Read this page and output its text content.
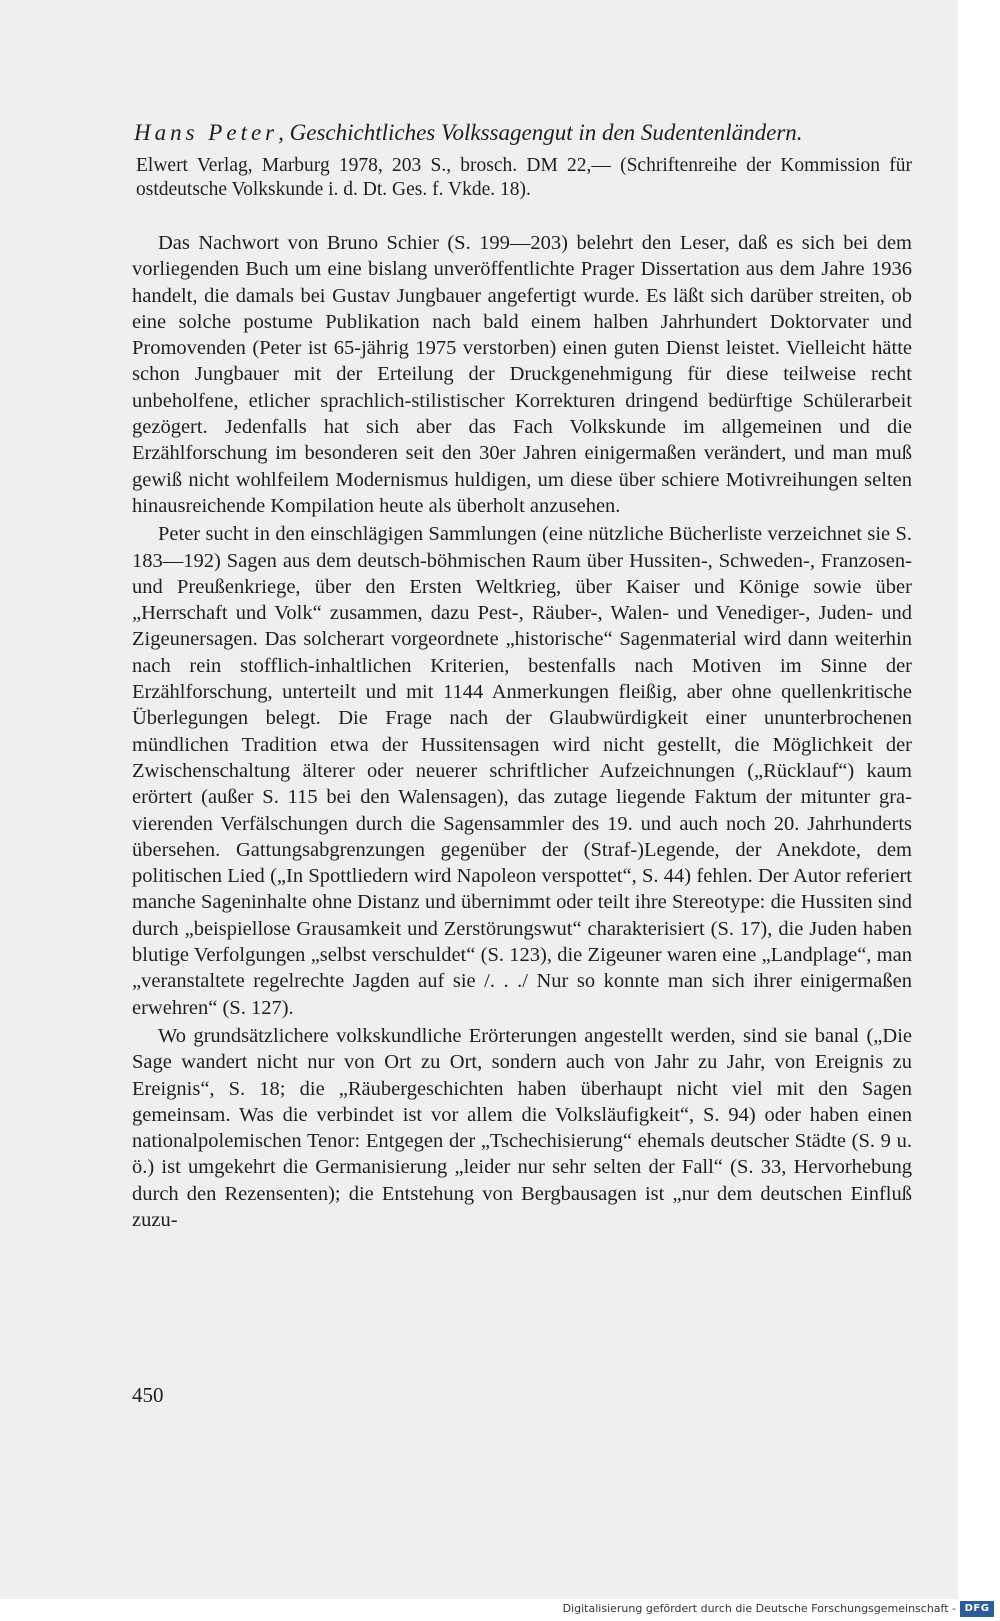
Hans Peter, Geschichtliches Volkssagengut in den Sudentenländern.

Elwert Verlag, Marburg 1978, 203 S., brosch. DM 22,— (Schriftenreihe der Kommission für ostdeutsche Volkskunde i. d. Dt. Ges. f. Vkde. 18).

Das Nachwort von Bruno Schier (S. 199—203) belehrt den Leser, daß es sich bei dem vorliegenden Buch um eine bislang unveröffentlichte Prager Dissertation aus dem Jahre 1936 handelt, die damals bei Gustav Jungbauer angefertigt wurde. Es läßt sich darüber streiten, ob eine solche postume Publikation nach bald einem halben Jahrhundert Doktorvater und Promovenden (Peter ist 65-jährig 1975 verstorben) einen guten Dienst leistet. Vielleicht hätte schon Jungbauer mit der Erteilung der Druckgenehmigung für diese teilweise recht unbeholfene, etlicher sprachlich-stilistischer Korrekturen dringend bedürftige Schülerarbeit gezögert. Jedenfalls hat sich aber das Fach Volkskunde im allgemeinen und die Erzählforschung im besonderen seit den 30er Jahren einigermaßen verändert, und man muß gewiß nicht wohlfeilem Modernismus huldigen, um diese über schiere Motivreihungen selten hinausreichende Kompilation heute als überholt anzusehen.

Peter sucht in den einschlägigen Sammlungen (eine nützliche Bücherliste verzeichnet sie S. 183—192) Sagen aus dem deutsch-böhmischen Raum über Hussiten-, Schweden-, Franzosen- und Preußenkriege, über den Ersten Weltkrieg, über Kaiser und Könige sowie über „Herrschaft und Volk“ zusammen, dazu Pest-, Räuber-, Walen- und Venediger-, Juden- und Zigeunersagen. Das solcherart vorgeordnete „historische“ Sagenmaterial wird dann weiterhin nach rein stofflich-inhaltlichen Kriterien, bestenfalls nach Motiven im Sinne der Erzählforschung, unterteilt und mit 1144 Anmerkungen fleißig, aber ohne quellenkritische Überlegungen belegt. Die Frage nach der Glaubwürdigkeit einer ununterbrochenen mündlichen Tradition etwa der Hussitensagen wird nicht gestellt, die Möglichkeit der Zwischenschaltung älterer oder neuerer schriftlicher Aufzeichnungen („Rücklauf“) kaum erörtert (außer S. 115 bei den Walensagen), das zutage liegende Faktum der mitunter gravierenden Verfälschungen durch die Sagensammler des 19. und auch noch 20. Jahrhunderts übersehen. Gattungsabgrenzungen gegenüber der (Straf-)Legende, der Anekdote, dem politischen Lied („In Spottliedern wird Napoleon verspottet“, S. 44) fehlen. Der Autor referiert manche Sageninhalte ohne Distanz und übernimmt oder teilt ihre Stereotype: die Hussiten sind durch „beispiellose Grausamkeit und Zerstörungswut“ charakterisiert (S. 17), die Juden haben blutige Verfolgungen „selbst verschuldet“ (S. 123), die Zigeuner waren eine „Landplage“, man „veranstaltete regelrechte Jagden auf sie /. . ./ Nur so konnte man sich ihrer einigermaßen erwehren“ (S. 127).

Wo grundsätzlichere volkskundliche Erörterungen angestellt werden, sind sie banal („Die Sage wandert nicht nur von Ort zu Ort, sondern auch von Jahr zu Jahr, von Ereignis zu Ereignis“, S. 18; die „Räubergeschichten haben überhaupt nicht viel mit den Sagen gemeinsam. Was die verbindet ist vor allem die Volksläufigkeit“, S. 94) oder haben einen nationalpolemischen Tenor: Entgegen der „Tschechisierung“ ehemals deutscher Städte (S. 9 u. ö.) ist umgekehrt die Germanisierung „leider nur sehr selten der Fall“ (S. 33, Hervorhebung durch den Rezensenten); die Entstehung von Bergbausagen ist „nur dem deutschen Einfluß zuzu-

450
Digitalisierung gefördert durch die Deutsche Forschungsgemeinschaft - DFG
